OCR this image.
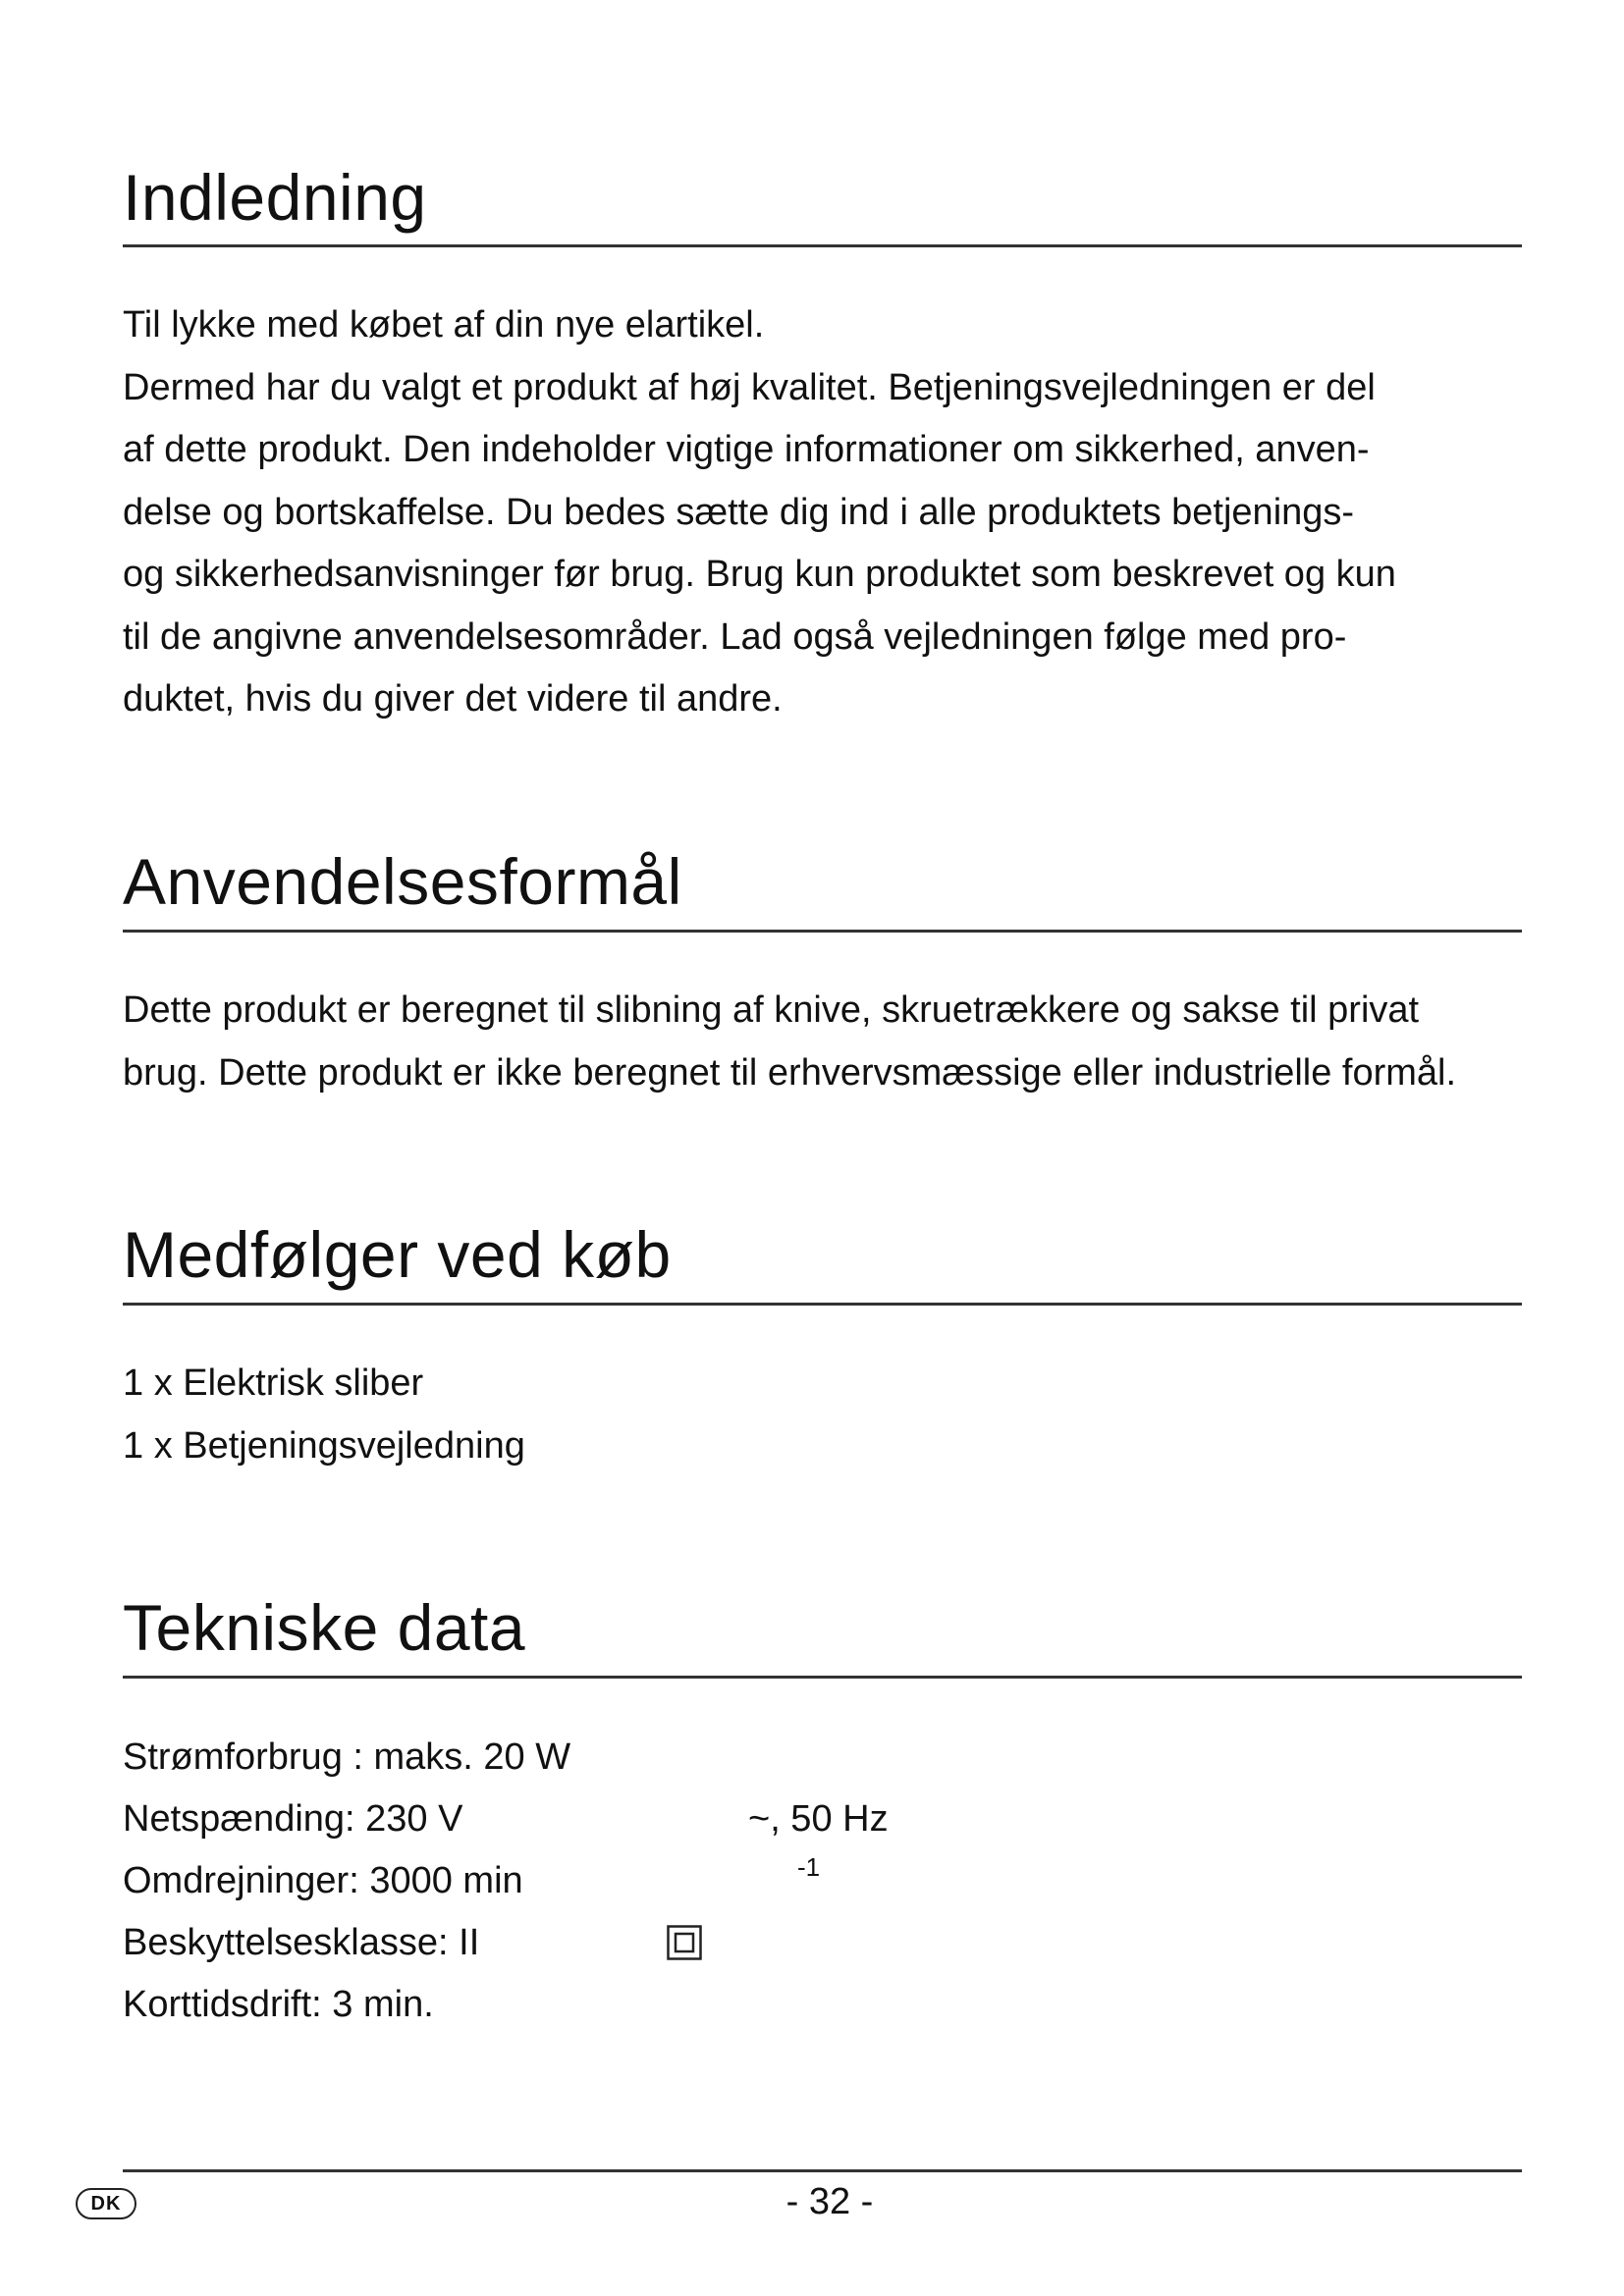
Indledning

Til lykke med købet af din nye elartikel.
Dermed har du valgt et produkt af høj kvalitet. Betjeningsvejledningen er del
af dette produkt. Den indeholder vigtige informationer om sikkerhed, anven-
delse og bortskaffelse. Du bedes sætte dig ind i alle produktets betjenings-
og sikkerhedsanvisninger før brug. Brug kun produktet som beskrevet og kun
til de angivne anvendelsesområder. Lad også vejledningen følge med pro-
duktet, hvis du giver det videre til andre.

Anvendelsesformål

Dette produkt er beregnet til slibning af knive, skruetrækkere og sakse til privat
brug. Dette produkt er ikke beregnet til erhvervsmæssige eller industrielle formål.

Medfølger ved køb
1 x Elektrisk sliber
1 x Betjeningsvejledning
Tekniske data
Strømforbrug : maks. 20 W
Netspænding: 230 V	~, 50 Hz
Omdrejninger: 3000 min	-1
Beskyttelsesklasse: II
Korttidsdrift: 3 min.
DK	- 32 -
